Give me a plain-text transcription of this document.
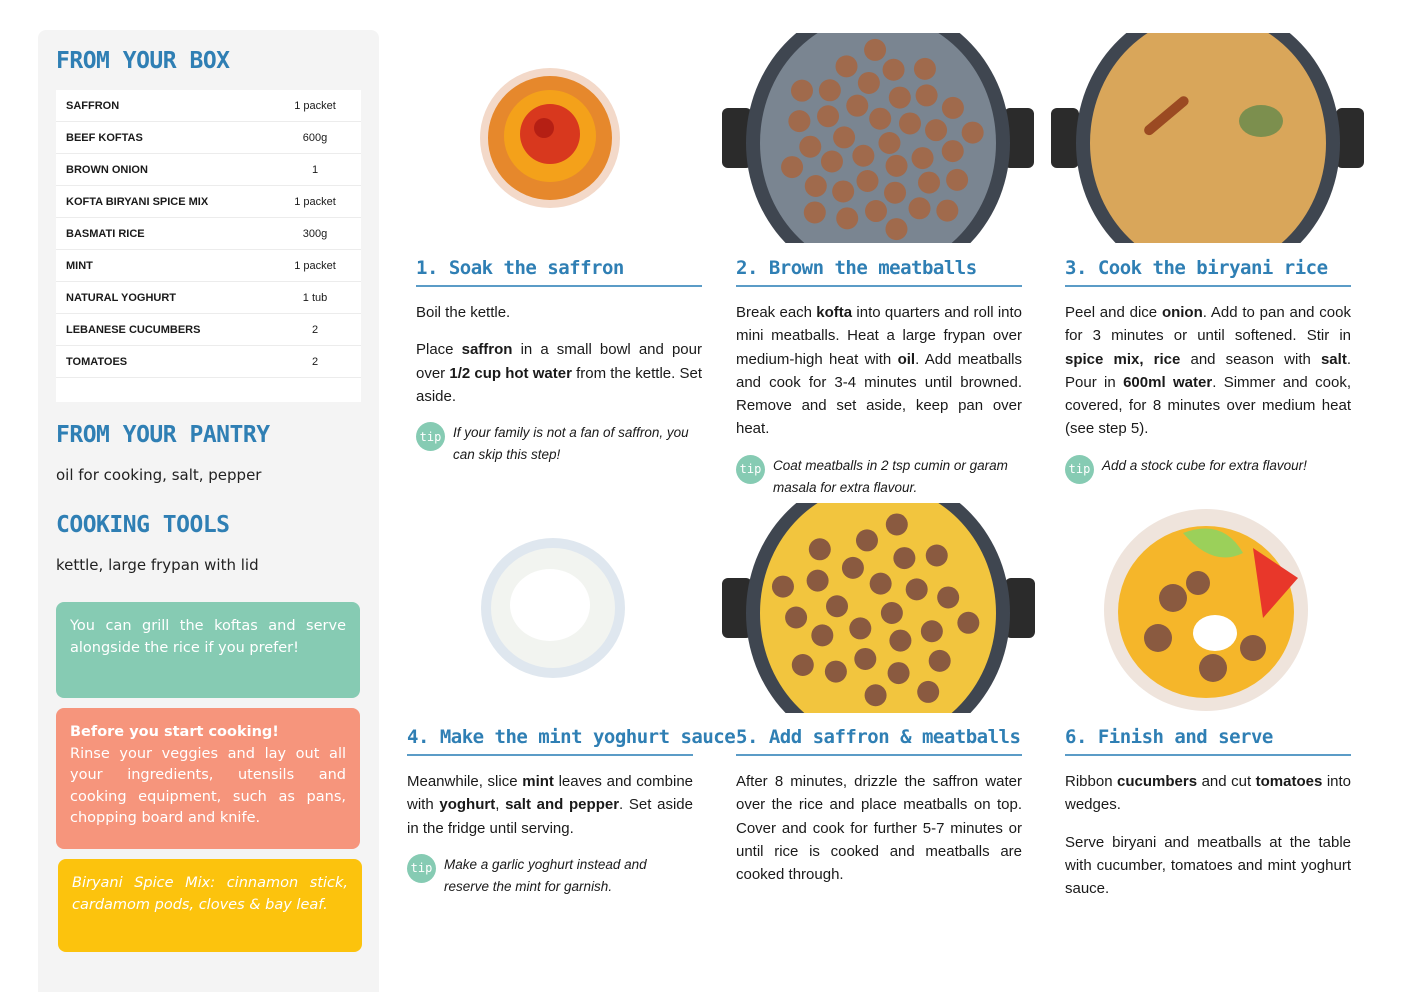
FROM YOUR BOX
SAFFRON	1 packet
BEEF KOFTAS	600g
BROWN ONION	1
KOFTA BIRYANI SPICE MIX	1 packet
BASMATI RICE	300g
MINT	1 packet
NATURAL YOGHURT	1 tub
LEBANESE CUCUMBERS	2
TOMATOES	2
FROM YOUR PANTRY
oil for cooking, salt, pepper
COOKING TOOLS
kettle, large frypan with lid
You can grill the koftas and serve alongside the rice if you prefer!
Before you start cooking!
Rinse your veggies and lay out all your ingredients, utensils and cooking equipment, such as pans, chopping board and knife.
Biryani Spice Mix: cinnamon stick, cardamom pods, cloves & bay leaf.
1. Soak the saffron

Boil the kettle.

Place saffron in a small bowl and pour over 1/2 cup hot water from the kettle. Set aside.

tip If your family is not a fan of saffron, you can skip this step!
2. Brown the meatballs

Break each kofta into quarters and roll into mini meatballs. Heat a large frypan over medium-high heat with oil. Add meatballs and cook for 3-4 minutes until browned. Remove and set aside, keep pan over heat.

tip Coat meatballs in 2 tsp cumin or garam masala for extra flavour.
3. Cook the biryani rice

Peel and dice onion. Add to pan and cook for 3 minutes or until softened. Stir in spice mix, rice and season with salt. Pour in 600ml water. Simmer and cook, covered, for 8 minutes over medium heat (see step 5).

tip Add a stock cube for extra flavour!
4. Make the mint yoghurt sauce

Meanwhile, slice mint leaves and combine with yoghurt, salt and pepper. Set aside in the fridge until serving.

tip Make a garlic yoghurt instead and reserve the mint for garnish.
5. Add saffron & meatballs

After 8 minutes, drizzle the saffron water over the rice and place meatballs on top. Cover and cook for further 5-7 minutes or until rice is cooked and meatballs are cooked through.

6. Finish and serve

Ribbon cucumbers and cut tomatoes into wedges.

Serve biryani and meatballs at the table with cucumber, tomatoes and mint yoghurt sauce.
